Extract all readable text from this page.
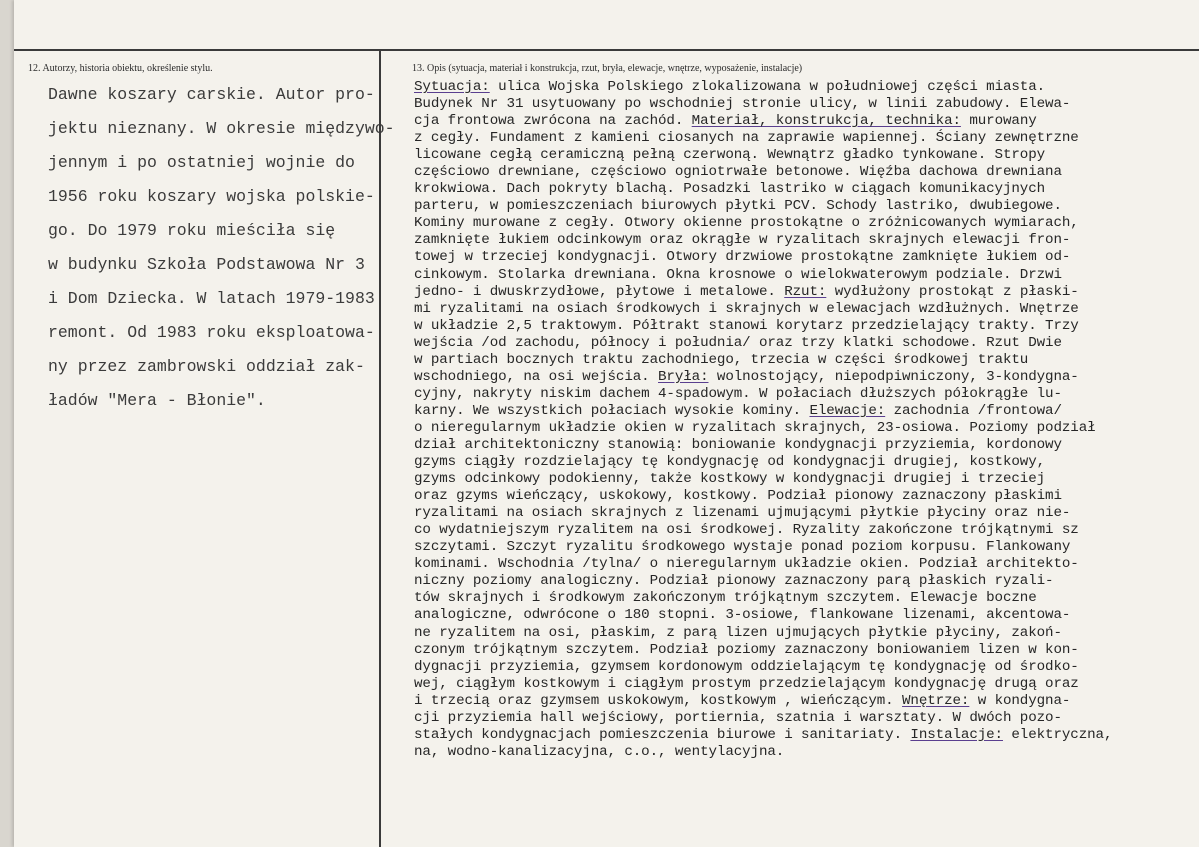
12. Autorzy, historia obiektu, określenie stylu.	13. Opis (sytuacja, materiał i konstrukcja, rzut, bryła, elewacje, wnętrze, wyposażenie, instalacje)
Dawne koszary carskie. Autor pro-
jektu nieznany. W okresie międzywo-
jennym i po ostatniej wojnie do
1956 roku koszary wojska polskie-
go. Do 1979 roku mieściła się
w budynku Szkoła Podstawowa Nr 3
i Dom Dziecka. W latach 1979-1983
remont. Od 1983 roku eksploatowa-
ny przez zambrowski oddział zak-
ładów "Mera - Błonie".
Sytuacja: ulica Wojska Polskiego zlokalizowana w południowej części miasta.
Budynek Nr 31 usytuowany po wschodniej stronie ulicy, w linii zabudowy. Elewa-
cja frontowa zwrócona na zachód. Materiał, konstrukcja, technika: murowany
z cegły. Fundament z kamieni ciosanych na zaprawie wapiennej. Ściany zewnętrzne
licowane cegłą ceramiczną pełną czerwoną. Wewnątrz gładko tynkowane. Stropy
częściowo drewniane, częściowo ogniotrwałe betonowe. Więźba dachowa drewniana
krokwiowa. Dach pokryty blachą. Posadzki lastriko w ciągach komunikacyjnych
parteru, w pomieszczeniach biurowych płytki PCV. Schody lastriko, dwubiegowe.
Kominy murowane z cegły. Otwory okienne prostokątne o zróżnicowanych wymiarach,
zamknięte łukiem odcinkowym oraz okrągłe w ryzalitach skrajnych elewacji fron-
towej w trzeciej kondygnacji. Otwory drzwiowe prostokątne zamknięte łukiem od-
cinkowym. Stolarka drewniana. Okna krosnowe o wielokwaterowym podziale. Drzwi
jedno- i dwuskrzydłowe, płytowe i metalowe. Rzut: wydłużony prostokąt z płaski-
mi ryzalitami na osiach środkowych i skrajnych w elewacjach wzdłużnych. Wnętrze
w układzie 2,5 traktowym. Półtrakt stanowi korytarz przedzielający trakty. Trzy
wejścia /od zachodu, północy i południa/ oraz trzy klatki schodowe. Rzut Dwie
w partiach bocznych traktu zachodniego, trzecia w części środkowej traktu
wschodniego, na osi wejścia. Bryła: wolnostojący, niepodpiwniczony, 3-kondygna-
cyjny, nakryty niskim dachem 4-spadowym. W połaciach dłuższych półokrągłe lu-
karny. We wszystkich połaciach wysokie kominy. Elewacje: zachodnia /frontowa/
o nieregularnym układzie okien w ryzalitach skrajnych, 23-osiowa. Poziomy podział
dział architektoniczny stanowią: boniowanie kondygnacji przyziemia, kordonowy
gzyms ciągły rozdzielający tę kondygnację od kondygnacji drugiej, kostkowy,
gzyms odcinkowy podokienny, także kostkowy w kondygnacji drugiej i trzeciej
oraz gzyms wieńczący, uskokowy, kostkowy. Podział pionowy zaznaczony płaskimi
ryzalitami na osiach skrajnych z lizenami ujmującymi płytkie płyciny oraz nie-
co wydatniejszym ryzalitem na osi środkowej. Ryzality zakończone trójkątnymi sz
szczytami. Szczyt ryzalitu środkowego wystaje ponad poziom korpusu. Flankowany
kominami. Wschodnia /tylna/ o nieregularnym układzie okien. Podział architekto-
niczny poziomy analogiczny. Podział pionowy zaznaczony parą płaskich ryzali-
tów skrajnych i środkowym zakończonym trójkątnym szczytem. Elewacje boczne
analogiczne, odwrócone o 180 stopni. 3-osiowe, flankowane lizenami, akcentowa-
ne ryzalitem na osi, płaskim, z parą lizen ujmujących płytkie płyciny, zakoń-
czonym trójkątnym szczytem. Podział poziomy zaznaczony boniowaniem lizen w kon-
dygnacji przyziemia, gzymsem kordonowym oddzielającym tę kondygnację od środko-
wej, ciągłym kostkowym i ciągłym prostym przedzielającym kondygnację drugą oraz
i trzecią oraz gzymsem uskokowym, kostkowym , wieńczącym. Wnętrze: w kondygna-
cji przyziemia hall wejściowy, portiernia, szatnia i warsztaty. W dwóch pozo-
stałych kondygnacjach pomieszczenia biurowe i sanitariaty. Instalacje: elektryczna,
na, wodno-kanalizacyjna, c.o., wentylacyjna.
